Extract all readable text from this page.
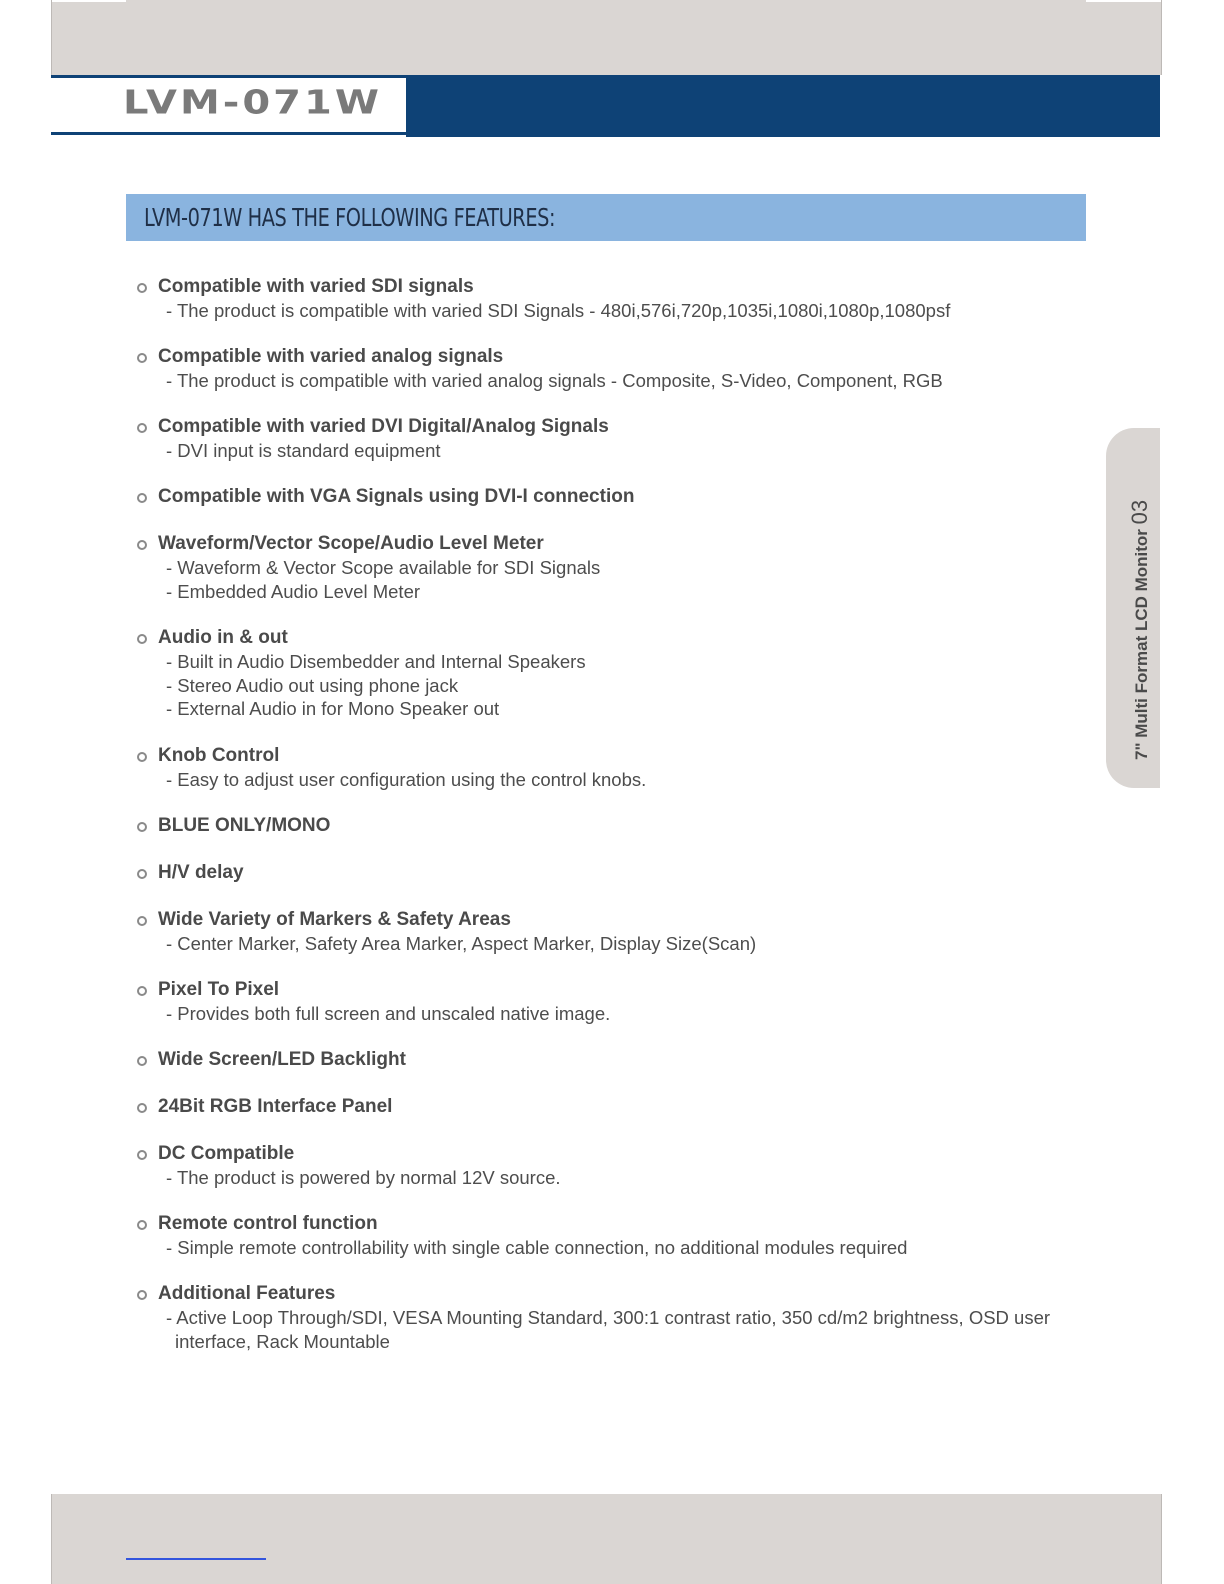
LVM-071W
LVM-071W HAS THE FOLLOWING FEATURES:
Compatible with varied SDI signals
- The product is compatible with varied SDI Signals - 480i,576i,720p,1035i,1080i,1080p,1080psf
Compatible with varied analog signals
- The product is compatible with varied analog signals - Composite, S-Video, Component, RGB
Compatible with varied DVI Digital/Analog Signals
- DVI input is standard equipment
Compatible with VGA Signals using DVI-I connection
Waveform/Vector Scope/Audio Level Meter
- Waveform & Vector Scope available for SDI Signals
- Embedded Audio Level Meter
Audio in & out
- Built in Audio Disembedder and Internal Speakers
- Stereo Audio out using phone jack
- External Audio in for Mono Speaker out
Knob Control
- Easy to adjust user configuration using the control knobs.
BLUE ONLY/MONO
H/V delay
Wide Variety of Markers & Safety Areas
- Center Marker, Safety Area Marker, Aspect Marker, Display Size(Scan)
Pixel To Pixel
- Provides both full screen and unscaled native image.
Wide Screen/LED Backlight
24Bit RGB Interface Panel
DC Compatible
- The product is powered by normal 12V source.
Remote control function
- Simple remote controllability with single cable connection, no additional modules required
Additional Features
- Active Loop Through/SDI, VESA Mounting Standard, 300:1 contrast ratio, 350 cd/m2 brightness, OSD user
interface, Rack Mountable
7" Multi Format LCD Monitor 03
